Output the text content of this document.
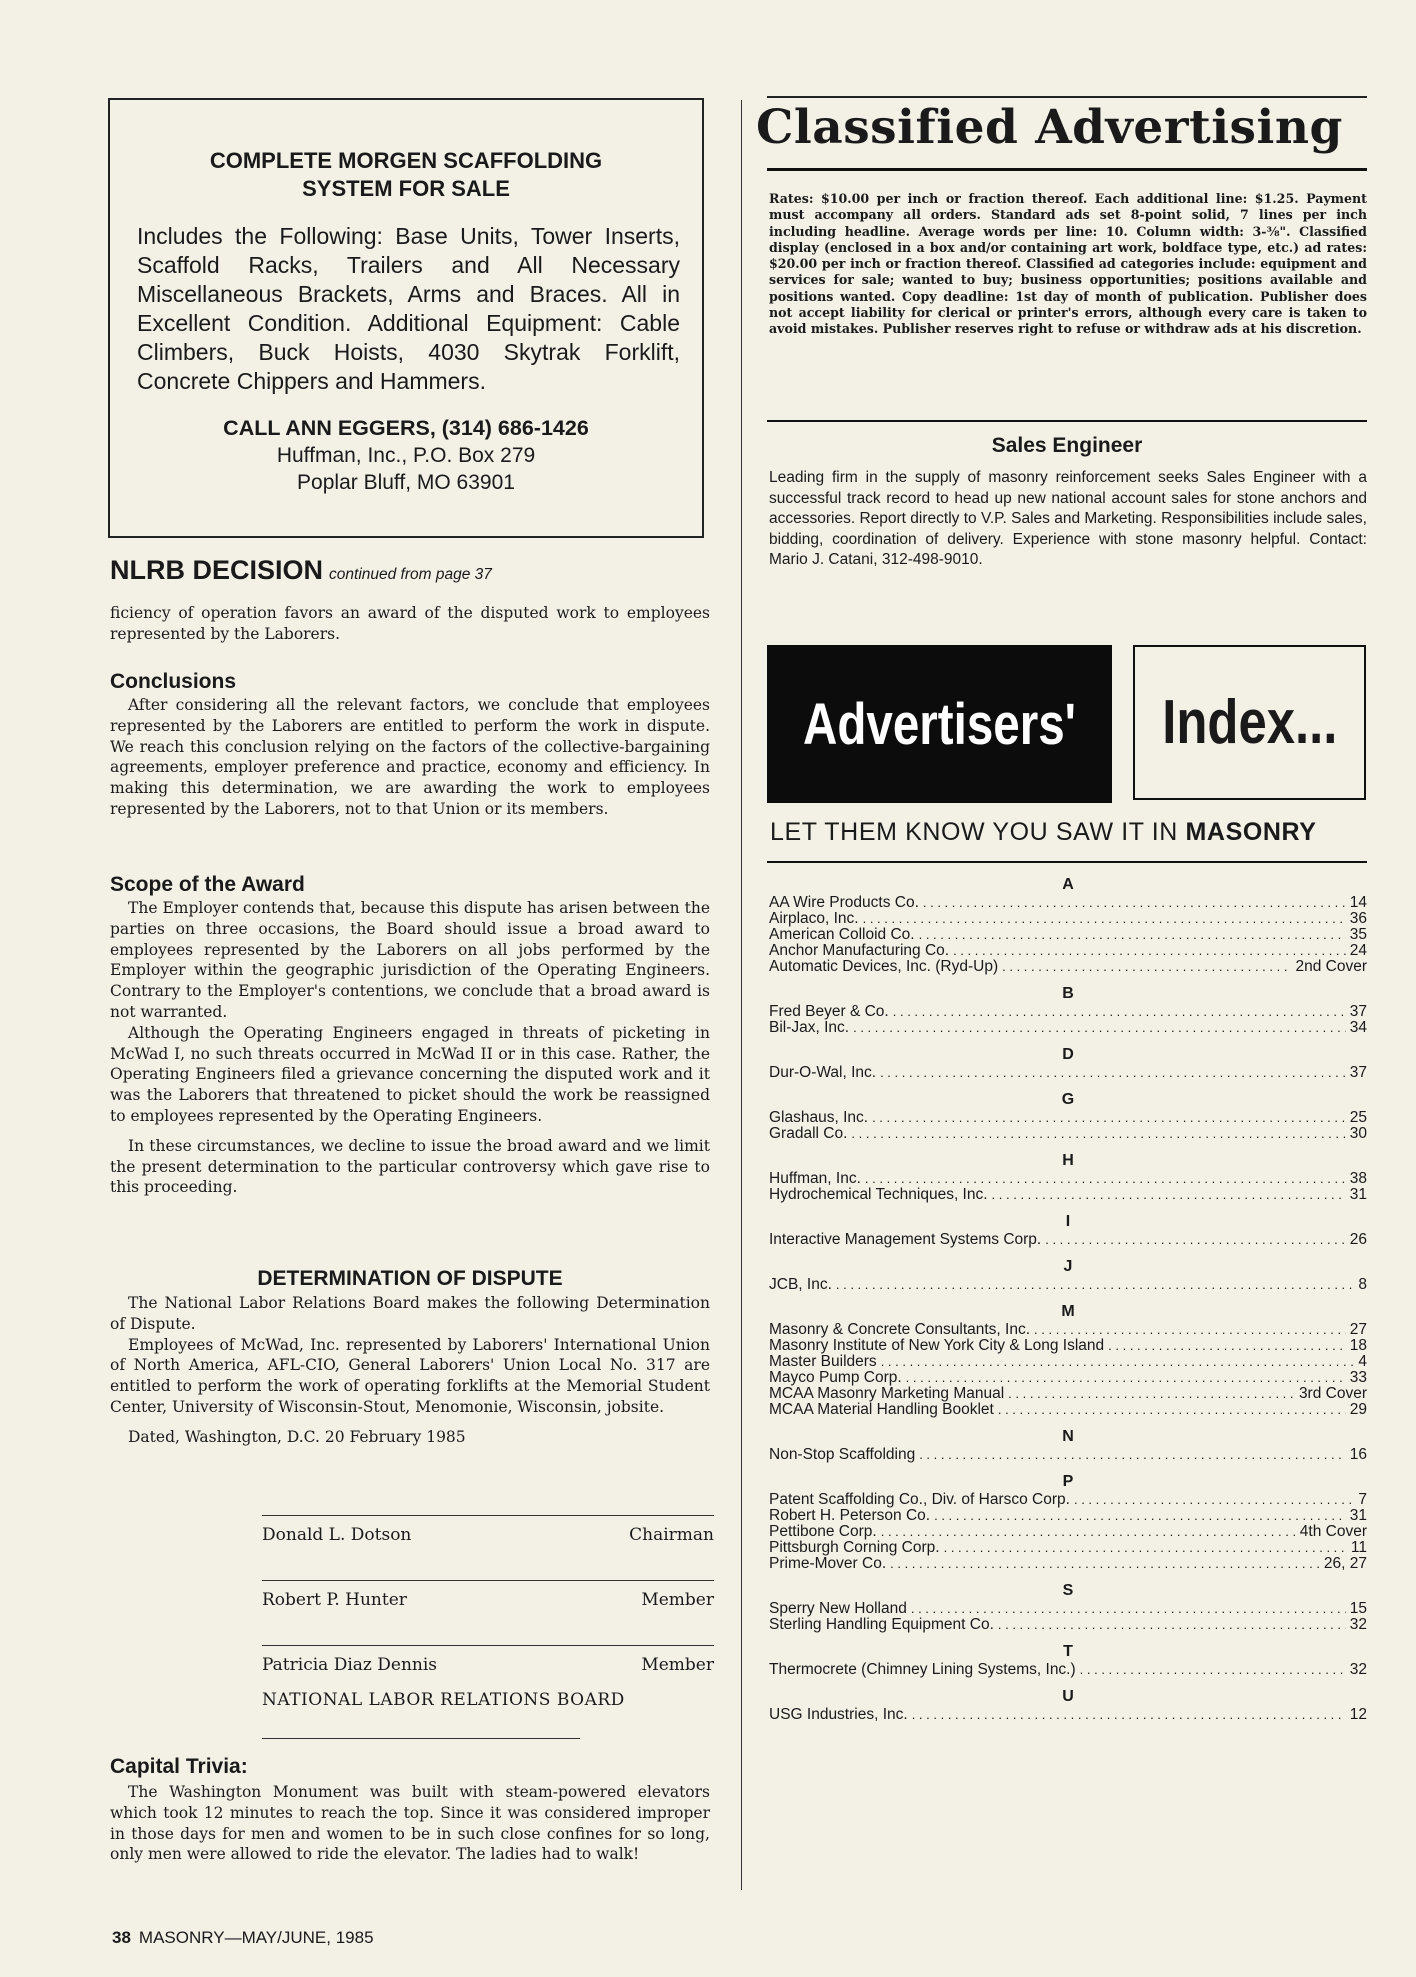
COMPLETE MORGEN SCAFFOLDING
SYSTEM FOR SALE
Includes the Following: Base Units, Tower Inserts, Scaffold Racks, Trailers and All Necessary Miscellaneous Brackets, Arms and Braces. All in Excellent Condition. Additional Equipment: Cable Climbers, Buck Hoists, 4030 Skytrak Forklift, Concrete Chippers and Hammers.
CALL ANN EGGERS, (314) 686-1426
Huffman, Inc., P.O. Box 279
Poplar Bluff, MO 63901
NLRB DECISION continued from page 37

ficiency of operation favors an award of the disputed work to employees represented by the Laborers.

Conclusions

After considering all the relevant factors, we conclude that employees represented by the Laborers are entitled to perform the work in dispute. We reach this conclusion relying on the factors of the collective-bargaining agreements, employer preference and practice, economy and efficiency. In making this determination, we are awarding the work to employees represented by the Laborers, not to that Union or its members.

Scope of the Award

The Employer contends that, because this dispute has arisen between the parties on three occasions, the Board should issue a broad award to employees represented by the Laborers on all jobs performed by the Employer within the geographic jurisdiction of the Operating Engineers. Contrary to the Employer's contentions, we conclude that a broad award is not warranted.

Although the Operating Engineers engaged in threats of picketing in McWad I, no such threats occurred in McWad II or in this case. Rather, the Operating Engineers filed a grievance concerning the disputed work and it was the Laborers that threatened to picket should the work be reassigned to employees represented by the Operating Engineers.

In these circumstances, we decline to issue the broad award and we limit the present determination to the particular controversy which gave rise to this proceeding.

DETERMINATION OF DISPUTE

The National Labor Relations Board makes the following Determination of Dispute.

Employees of McWad, Inc. represented by Laborers' International Union of North America, AFL-CIO, General Laborers' Union Local No. 317 are entitled to perform the work of operating forklifts at the Memorial Student Center, University of Wisconsin-Stout, Menomonie, Wisconsin, jobsite.

Dated, Washington, D.C. 20 February 1985

Donald L. Dotson	Chairman
Robert P. Hunter	Member
Patricia Diaz Dennis	Member
NATIONAL LABOR RELATIONS BOARD
Capital Trivia:

The Washington Monument was built with steam-powered elevators which took 12 minutes to reach the top. Since it was considered improper in those days for men and women to be in such close confines for so long, only men were allowed to ride the elevator. The ladies had to walk!

38 MASONRY—MAY/JUNE, 1985
Classified Advertising
Rates: $10.00 per inch or fraction thereof. Each additional line: $1.25. Payment must accompany all orders. Standard ads set 8-point solid, 7 lines per inch including headline. Average words per line: 10. Column width: 3-⅜". Classified display (enclosed in a box and/or containing art work, boldface type, etc.) ad rates: $20.00 per inch or fraction thereof. Classified ad categories include: equipment and services for sale; wanted to buy; business opportunities; positions available and positions wanted. Copy deadline: 1st day of month of publication. Publisher does not accept liability for clerical or printer's errors, although every care is taken to avoid mistakes. Publisher reserves right to refuse or withdraw ads at his discretion.
Sales Engineer
Leading firm in the supply of masonry reinforcement seeks Sales Engineer with a successful track record to head up new national account sales for stone anchors and accessories. Report directly to V.P. Sales and Marketing. Responsibilities include sales, bidding, coordination of delivery. Experience with stone masonry helpful. Contact: Mario J. Catani, 312-498-9010.
Advertisers' Index...
LET THEM KNOW YOU SAW IT IN MASONRY
A
AA Wire Products Co. . . .	14
Airplaco, Inc. . . .	36
American Colloid Co. . . .	35
Anchor Manufacturing Co. . . .	24
Automatic Devices, Inc. (Ryd-Up) . . .	2nd Cover
B
Fred Beyer & Co. . . .	37
Bil-Jax, Inc. . . .	34
D
Dur-O-Wal, Inc. . . .	37
G
Glashaus, Inc. . . .	25
Gradall Co. . . .	30
H
Huffman, Inc. . . .	38
Hydrochemical Techniques, Inc. . . .	31
I
Interactive Management Systems Corp. . . .	26
J
JCB, Inc. . . .	8
M
Masonry & Concrete Consultants, Inc. . . .	27
Masonry Institute of New York City & Long Island . . .	18
Master Builders . . .	4
Mayco Pump Corp. . . .	33
MCAA Masonry Marketing Manual . . .	3rd Cover
MCAA Material Handling Booklet . . .	29
N
Non-Stop Scaffolding . . .	16
P
Patent Scaffolding Co., Div. of Harsco Corp. . . .	7
Robert H. Peterson Co. . . .	31
Pettibone Corp. . . .	4th Cover
Pittsburgh Corning Corp. . . .	11
Prime-Mover Co. . . .	26, 27
S
Sperry New Holland . . .	15
Sterling Handling Equipment Co. . . .	32
T
Thermocrete (Chimney Lining Systems, Inc.) . . .	32
U
USG Industries, Inc. . . .	12
